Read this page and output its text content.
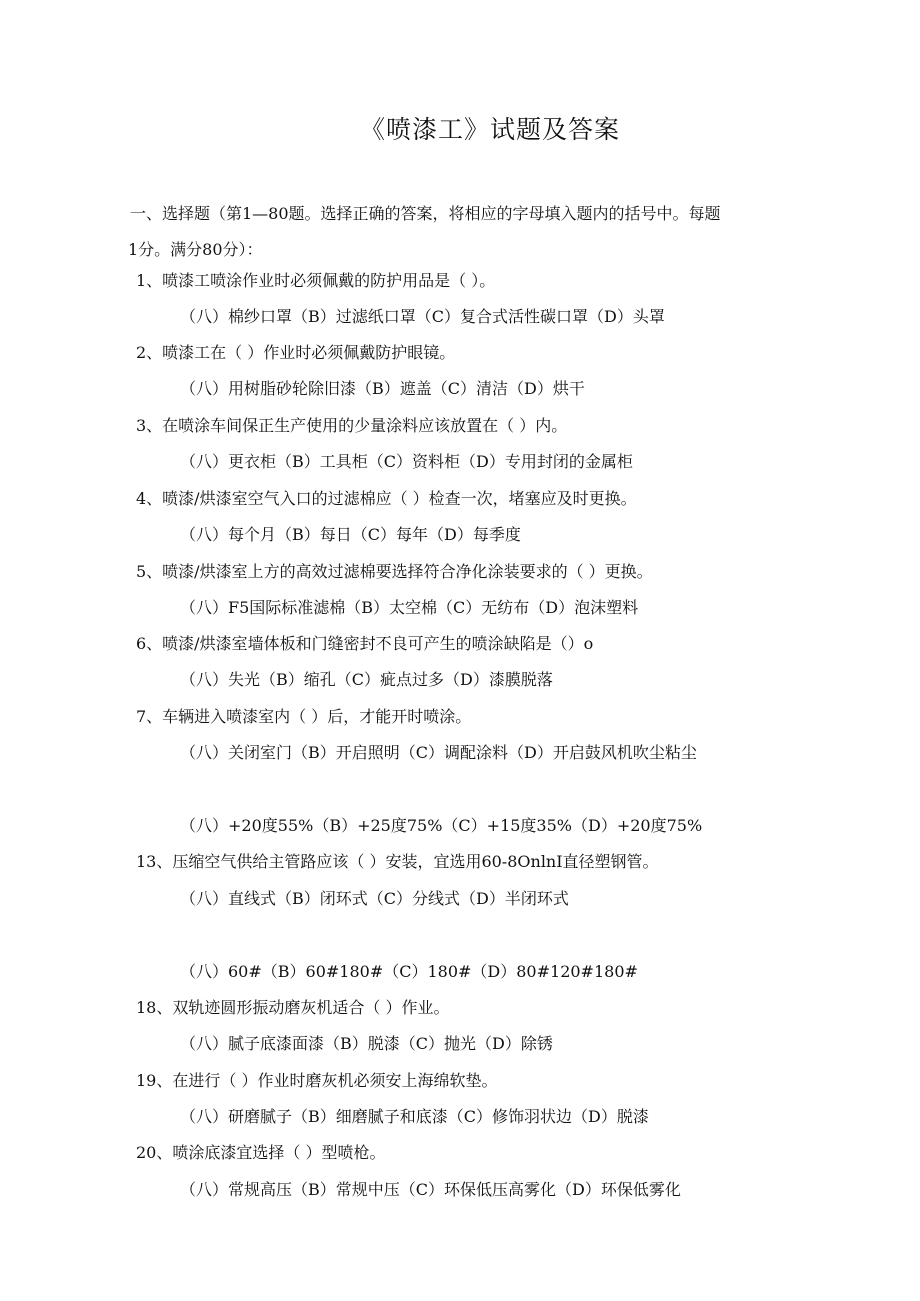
《喷漆工》试题及答案
一、选择题（第1—80题。选择正确的答案，将相应的字母填入题内的括号中。每题
1分。满分80分）：
1、喷漆工喷涂作业时必须佩戴的防护用品是（ ）。
（八）棉纱口罩（B）过滤纸口罩（C）复合式活性碳口罩（D）头罩
2、喷漆工在（ ）作业时必须佩戴防护眼镜。
（八）用树脂砂轮除旧漆（B）遮盖（C）清洁（D）烘干
3、在喷涂车间保正生产使用的少量涂料应该放置在（ ）内。
（八）更衣柜（B）工具柜（C）资料柜（D）专用封闭的金属柜
4、喷漆/烘漆室空气入口的过滤棉应（ ）检查一次，堵塞应及时更换。
（八）每个月（B）每日（C）每年（D）每季度
5、喷漆/烘漆室上方的高效过滤棉要选择符合净化涂装要求的（ ）更换。
（八）F5国际标准滤棉（B）太空棉（C）无纺布（D）泡沫塑料
6、喷漆/烘漆室墙体板和门缝密封不良可产生的喷涂缺陷是（）o
（八）失光（B）缩孔（C）疵点过多（D）漆膜脱落
7、车辆进入喷漆室内（ ）后，才能开时喷涂。
（八）关闭室门（B）开启照明（C）调配涂料（D）开启鼓风机吹尘粘尘
（八）+20度55%（B）+25度75%（C）+15度35%（D）+20度75%
13、压缩空气供给主管路应该（ ）安装，宜选用60-8OnlnI直径塑钢管。
（八）直线式（B）闭环式（C）分线式（D）半闭环式
（八）60#（B）60#180#（C）180#（D）80#120#180#
18、双轨迹圆形振动磨灰机适合（ ）作业。
（八）腻子底漆面漆（B）脱漆（C）抛光（D）除锈
19、在进行（ ）作业时磨灰机必须安上海绵软垫。
（八）研磨腻子（B）细磨腻子和底漆（C）修饰羽状边（D）脱漆
20、喷涂底漆宜选择（ ）型喷枪。
（八）常规高压（B）常规中压（C）环保低压高雾化（D）环保低雾化
